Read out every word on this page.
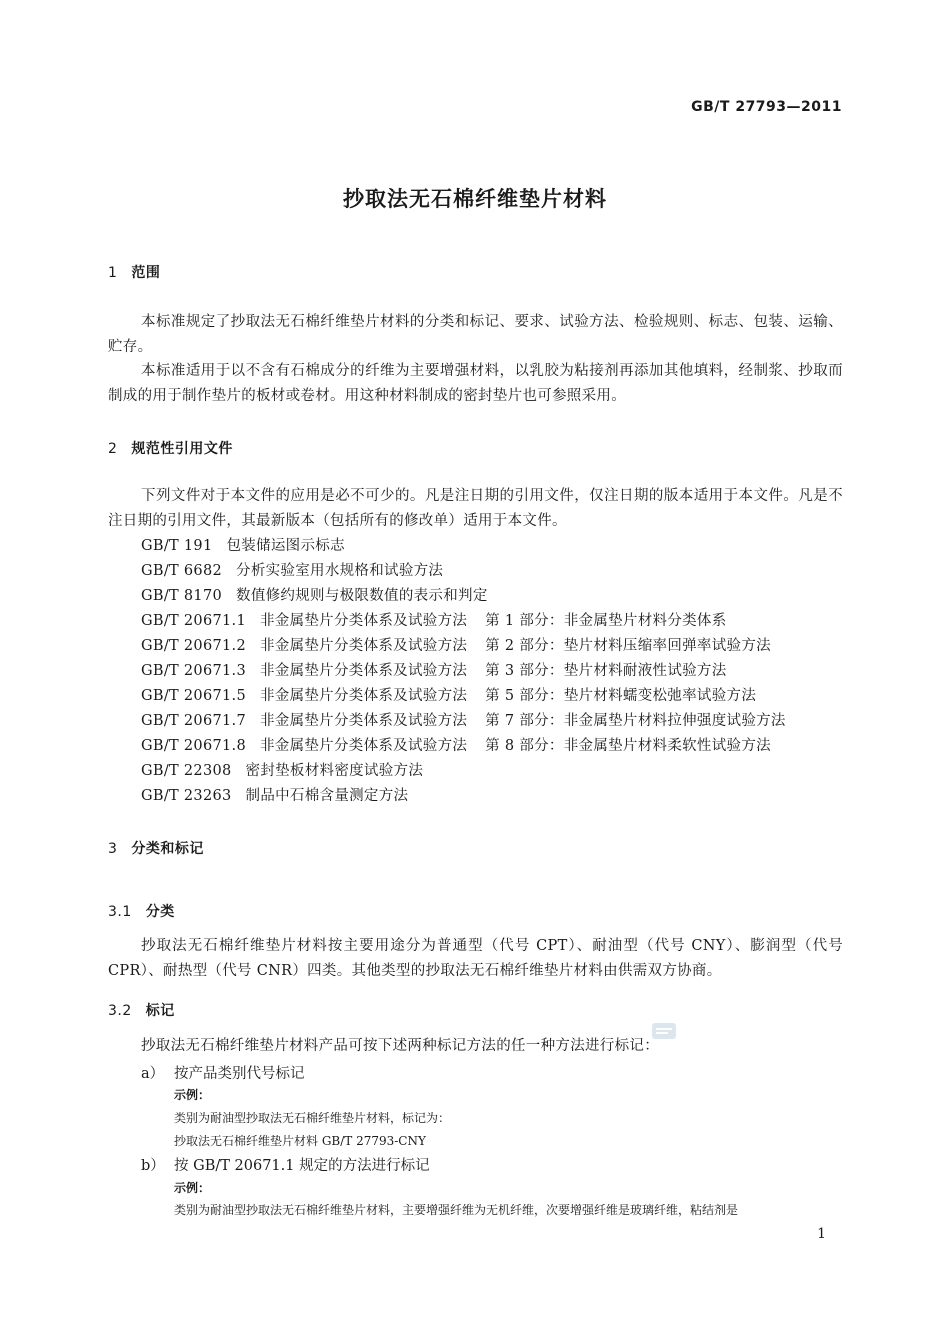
GB/T 27793—2011
抄取法无石棉纤维垫片材料
1 范围
本标准规定了抄取法无石棉纤维垫片材料的分类和标记、要求、试验方法、检验规则、标志、包装、运输、贮存。
本标准适用于以不含有石棉成分的纤维为主要增强材料，以乳胶为粘接剂再添加其他填料，经制浆、抄取而制成的用于制作垫片的板材或卷材。用这种材料制成的密封垫片也可参照采用。
2 规范性引用文件
下列文件对于本文件的应用是必不可少的。凡是注日期的引用文件，仅注日期的版本适用于本文件。凡是不注日期的引用文件，其最新版本（包括所有的修改单）适用于本文件。
GB/T 191 包装储运图示标志
GB/T 6682 分析实验室用水规格和试验方法
GB/T 8170 数值修约规则与极限数值的表示和判定
GB/T 20671.1 非金属垫片分类体系及试验方法 第 1 部分：非金属垫片材料分类体系
GB/T 20671.2 非金属垫片分类体系及试验方法 第 2 部分：垫片材料压缩率回弹率试验方法
GB/T 20671.3 非金属垫片分类体系及试验方法 第 3 部分：垫片材料耐液性试验方法
GB/T 20671.5 非金属垫片分类体系及试验方法 第 5 部分：垫片材料蠕变松弛率试验方法
GB/T 20671.7 非金属垫片分类体系及试验方法 第 7 部分：非金属垫片材料拉伸强度试验方法
GB/T 20671.8 非金属垫片分类体系及试验方法 第 8 部分：非金属垫片材料柔软性试验方法
GB/T 22308 密封垫板材料密度试验方法
GB/T 23263 制品中石棉含量测定方法
3 分类和标记
3.1 分类
抄取法无石棉纤维垫片材料按主要用途分为普通型（代号 CPT）、耐油型（代号 CNY）、膨润型（代号 CPR）、耐热型（代号 CNR）四类。其他类型的抄取法无石棉纤维垫片材料由供需双方协商。
3.2 标记
抄取法无石棉纤维垫片材料产品可按下述两种标记方法的任一种方法进行标记：
a） 按产品类别代号标记
示例：
类别为耐油型抄取法无石棉纤维垫片材料，标记为：
抄取法无石棉纤维垫片材料 GB/T 27793-CNY
b） 按 GB/T 20671.1 规定的方法进行标记
示例：
类别为耐油型抄取法无石棉纤维垫片材料，主要增强纤维为无机纤维，次要增强纤维是玻璃纤维，粘结剂是
1
